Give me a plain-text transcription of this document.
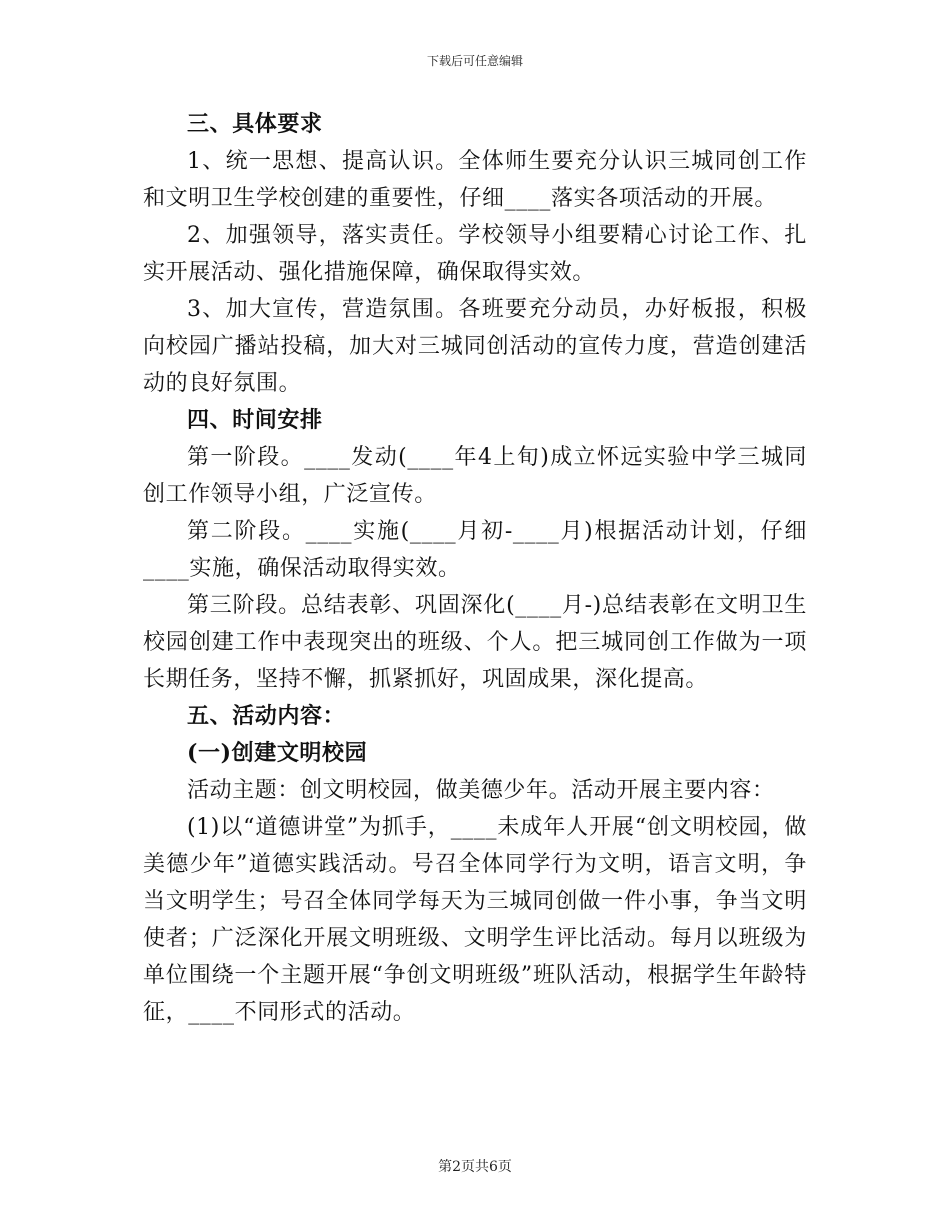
下载后可任意编辑

三、具体要求

1、统一思想、提高认识。全体师生要充分认识三城同创工作和文明卫生学校创建的重要性，仔细____落实各项活动的开展。

2、加强领导，落实责任。学校领导小组要精心讨论工作、扎实开展活动、强化措施保障，确保取得实效。

3、加大宣传，营造氛围。各班要充分动员，办好板报，积极向校园广播站投稿，加大对三城同创活动的宣传力度，营造创建活动的良好氛围。

四、时间安排

第一阶段。____发动(____年4上旬)成立怀远实验中学三城同创工作领导小组，广泛宣传。

第二阶段。____实施(____月初-____月)根据活动计划，仔细____实施，确保活动取得实效。

第三阶段。总结表彰、巩固深化(____月-)总结表彰在文明卫生校园创建工作中表现突出的班级、个人。把三城同创工作做为一项长期任务，坚持不懈，抓紧抓好，巩固成果，深化提高。

五、活动内容：

(一)创建文明校园

活动主题：创文明校园，做美德少年。活动开展主要内容：

(1)以“道德讲堂”为抓手，____未成年人开展“创文明校园，做美德少年”道德实践活动。号召全体同学行为文明，语言文明，争当文明学生；号召全体同学每天为三城同创做一件小事，争当文明使者；广泛深化开展文明班级、文明学生评比活动。每月以班级为单位围绕一个主题开展“争创文明班级”班队活动，根据学生年龄特征，____不同形式的活动。

第2页共6页
